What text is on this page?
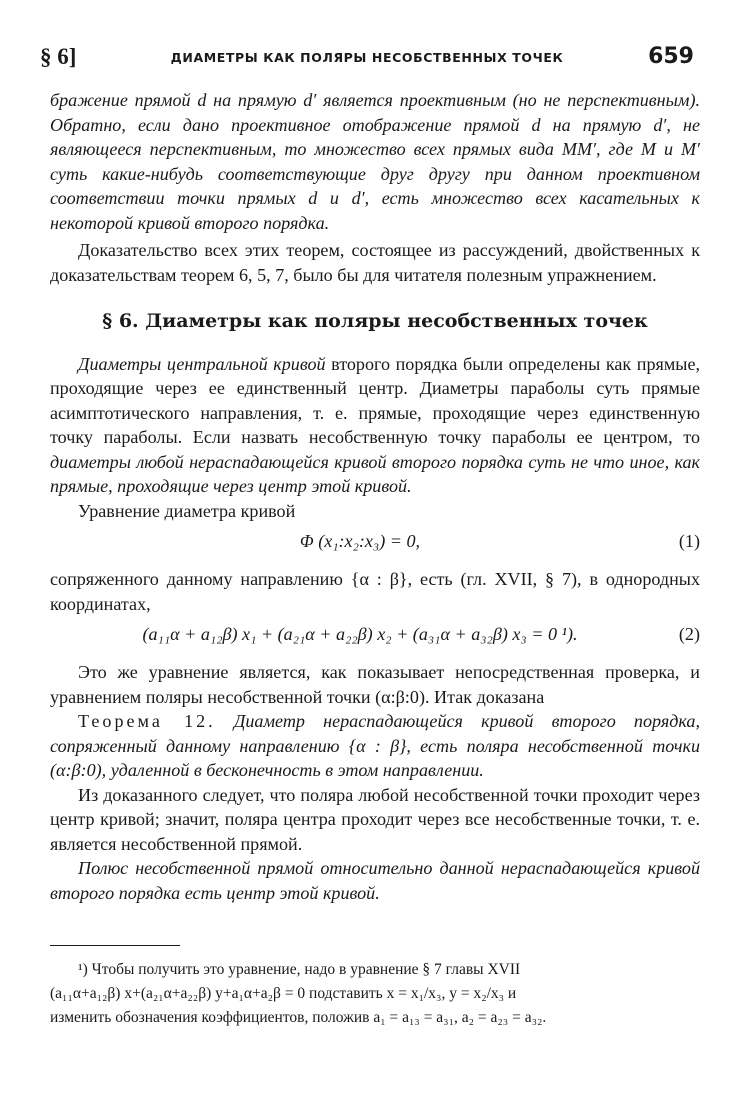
§ 6]	ДИАМЕТРЫ КАК ПОЛЯРЫ НЕСОБСТВЕННЫХ ТОЧЕК	659

бражение прямой d на прямую d′ является проективным (но не перспективным). Обратно, если дано проективное отображение прямой d на прямую d′, не являющееся перспективным, то множество всех прямых вида MM′, где M и M′ суть какие-нибудь соответствующие друг другу при данном проективном соответствии точки прямых d и d′, есть множество всех касательных к некоторой кривой второго порядка.

Доказательство всех этих теорем, состоящее из рассуждений, двойственных к доказательствам теорем 6, 5, 7, было бы для читателя полезным упражнением.

§ 6. Диаметры как поляры несобственных точек

Диаметры центральной кривой второго порядка были определены как прямые, проходящие через ее единственный центр. Диаметры параболы суть прямые асимптотического направления, т. е. прямые, проходящие через единственную точку параболы. Если назвать несобственную точку параболы ее центром, то диаметры любой нераспадающейся кривой второго порядка суть не что иное, как прямые, проходящие через центр этой кривой.

Уравнение диаметра кривой

Φ (x₁:x₂:x₃) = 0,	(1)

сопряженного данному направлению {α : β}, есть (гл. XVII, § 7), в однородных координатах,

(a₁₁α + a₁₂β) x₁ + (a₂₁α + a₂₂β) x₂ + (a₃₁α + a₃₂β) x₃ = 0 ¹).	(2)

Это же уравнение является, как показывает непосредственная проверка, и уравнением поляры несобственной точки (α:β:0). Итак доказана

Теорема 12. Диаметр нераспадающейся кривой второго порядка, сопряженный данному направлению {α : β}, есть поляра несобственной точки (α:β:0), удаленной в бесконечность в этом направлении.

Из доказанного следует, что поляра любой несобственной точки проходит через центр кривой; значит, поляра центра проходит через все несобственные точки, т. е. является несобственной прямой.

Полюс несобственной прямой относительно данной нераспадающейся кривой второго порядка есть центр этой кривой.

¹) Чтобы получить это уравнение, надо в уравнение § 7 главы XVII

(a₁₁α+a₁₂β) x+(a₂₁α+a₂₂β) y+a₁α+a₂β = 0 подставить x = x₁/x₃, y = x₂/x₃ и

изменить обозначения коэффициентов, положив a₁ = a₁₃ = a₃₁, a₂ = a₂₃ = a₃₂.
